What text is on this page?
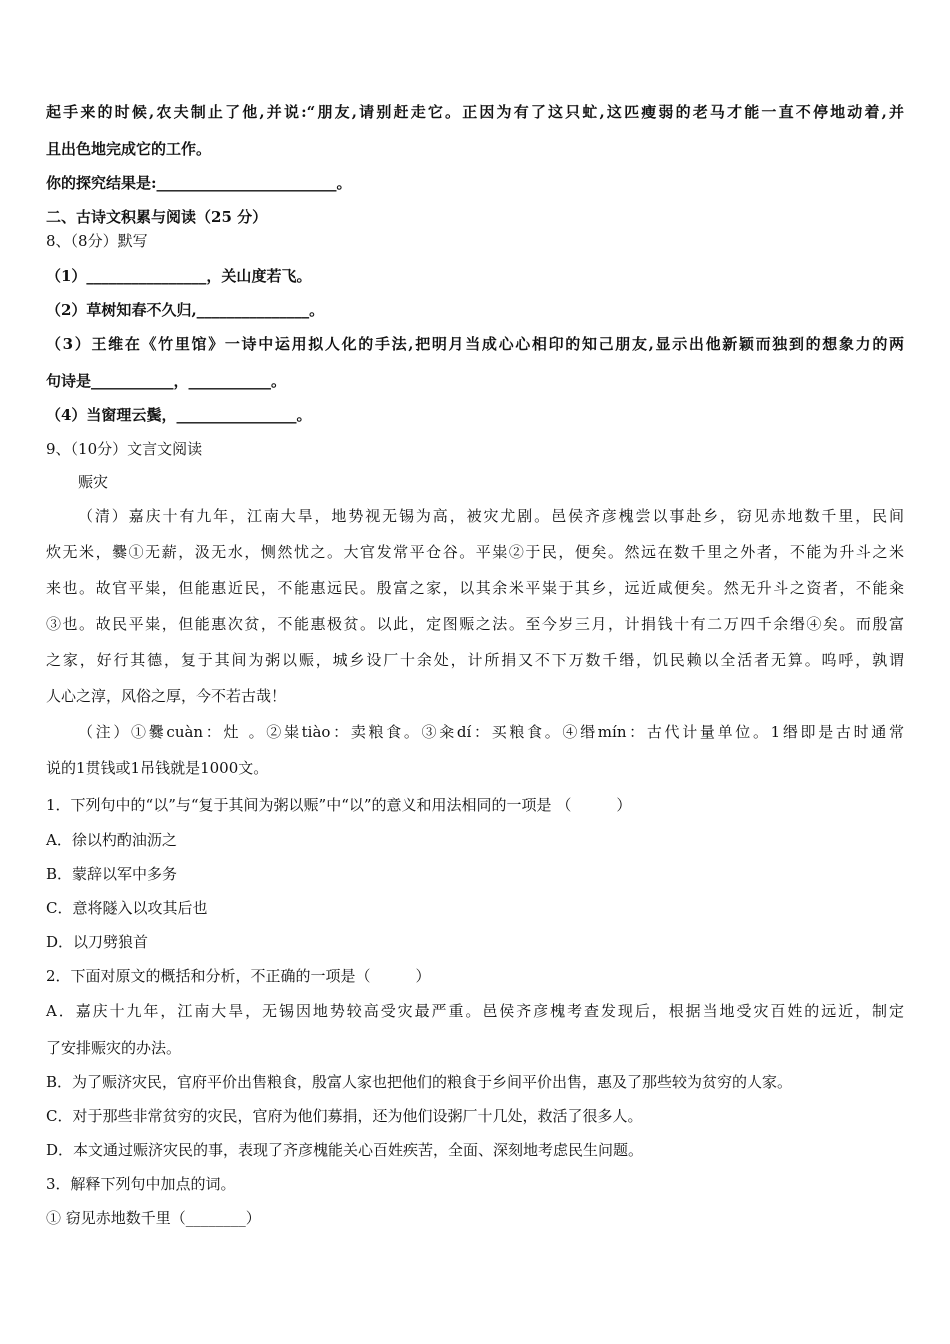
起手来的时候,农夫制止了他,并说:“朋友,请别赶走它。正因为有了这只虻,这匹瘦弱的老马才能一直不停地动着,并
且出色地完成它的工作。
你的探究结果是:________________________。
二、古诗文积累与阅读（25 分）
8、（8分）默写
（1）________________，关山度若飞。
（2）草树知春不久归,_______________。
（3）王维在《竹里馆》一诗中运用拟人化的手法,把明月当成心心相印的知己朋友,显示出他新颖而独到的想象力的两
句诗是___________，___________。
（4）当窗理云鬓，________________。
9、（10分）文言文阅读
赈灾
（清）嘉庆十有九年，江南大旱，地势视无锡为高，被灾尤剧。邑侯齐彦槐尝以事赴乡，窃见赤地数千里，民间
炊无米，爨①无薪，汲无水，恻然忧之。大官发常平仓谷。平粜②于民，便矣。然远在数千里之外者，不能为升斗之米
来也。故官平粜，但能惠近民，不能惠远民。殷富之家，以其余米平粜于其乡，远近咸便矣。然无升斗之资者，不能籴
③也。故民平粜，但能惠次贫，不能惠极贫。以此，定图赈之法。至今岁三月，计捐钱十有二万四千余缗④矣。而殷富
之家，好行其德，复于其间为粥以赈，城乡设厂十余处，计所捐又不下万数千缗，饥民赖以全活者无算。呜呼，孰谓
人心之淳，风俗之厚，今不若古哉！
（注）①爨cuàn：灶 。②粜tiào：卖粮食。③籴dí：买粮食。④缗mín：古代计量单位。1缗即是古时通常
说的1贯钱或1吊钱就是1000文。
1．下列句中的“以”与“复于其间为粥以赈”中“以”的意义和用法相同的一项是 （　　　）
A．徐以杓酌油沥之
B．蒙辞以军中多务
C．意将隧入以攻其后也
D．以刀劈狼首
2．下面对原文的概括和分析，不正确的一项是（　　　）
A．嘉庆十九年，江南大旱，无锡因地势较高受灾最严重。邑侯齐彦槐考查发现后，根据当地受灾百姓的远近，制定
了安排赈灾的办法。
B．为了赈济灾民，官府平价出售粮食，殷富人家也把他们的粮食于乡间平价出售，惠及了那些较为贫穷的人家。
C．对于那些非常贫穷的灾民，官府为他们募捐，还为他们设粥厂十几处，救活了很多人。
D．本文通过赈济灾民的事，表现了齐彦槐能关心百姓疾苦，全面、深刻地考虑民生问题。
3．解释下列句中加点的词。
① 窃见赤地数千里（________）
